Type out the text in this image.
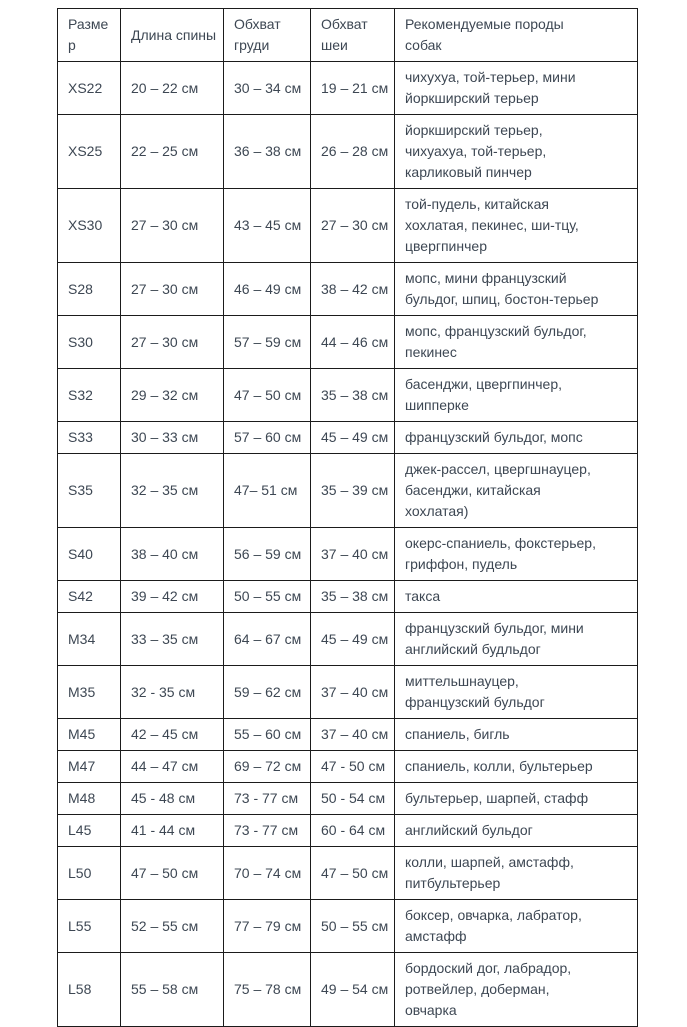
Размер	Длина спины	Обхват груди	Обхват шеи	Рекомендуемые породы собак
XS22	20 – 22 см	30 – 34 см	19 – 21 см	чихухуа, той-терьер, мини йоркширский терьер
XS25	22 – 25 см	36 – 38 см	26 – 28 см	йоркширский терьер, чихуахуа, той-терьер, карликовый пинчер
XS30	27 – 30 см	43 – 45 см	27 – 30 см	той-пудель, китайская хохлатая, пекинес, ши-тцу, цвергпинчер
S28	27 – 30 см	46 – 49 см	38 – 42 см	мопс, мини французский бульдог, шпиц, бостон-терьер
S30	27 – 30 см	57 – 59 см	44 – 46 см	мопс, французский бульдог, пекинес
S32	29 – 32 см	47 – 50 см	35 – 38 см	басенджи, цвергпинчер, шипперке
S33	30 – 33 см	57 – 60 см	45 – 49 см	французский бульдог, мопс
S35	32 – 35 см	47– 51 см	35 – 39 см	джек-рассел, цвергшнауцер, басенджи, китайская хохлатая)
S40	38 – 40 см	56 – 59 см	37 – 40 см	окерс-спаниель, фокстерьер, гриффон, пудель
S42	39 – 42 см	50 – 55 см	35 – 38 см	такса
M34	33 – 35 см	64 – 67 см	45 – 49 см	французский бульдог, мини английский будльдог
M35	32 - 35 см	59 – 62 см	37 – 40 см	миттельшнауцер, французский бульдог
M45	42 – 45 см	55 – 60 см	37 – 40 см	спаниель, бигль
M47	44 – 47 см	69 – 72 см	47 - 50 см	спаниель, колли, бультерьер
M48	45 - 48 см	73 - 77 см	50 - 54 см	бультерьер, шарпей, стафф
L45	41 - 44 см	73 - 77 см	60 - 64 см	английский бульдог
L50	47 – 50 см	70 – 74 см	47 – 50 см	колли, шарпей, амстафф, питбультерьер
L55	52 – 55 см	77 – 79 см	50 – 55 см	боксер, овчарка, лабратор, амстафф
L58	55 – 58 см	75 – 78 см	49 – 54 см	бордоский дог, лабрадор, ротвейлер, доберман, овчарка
